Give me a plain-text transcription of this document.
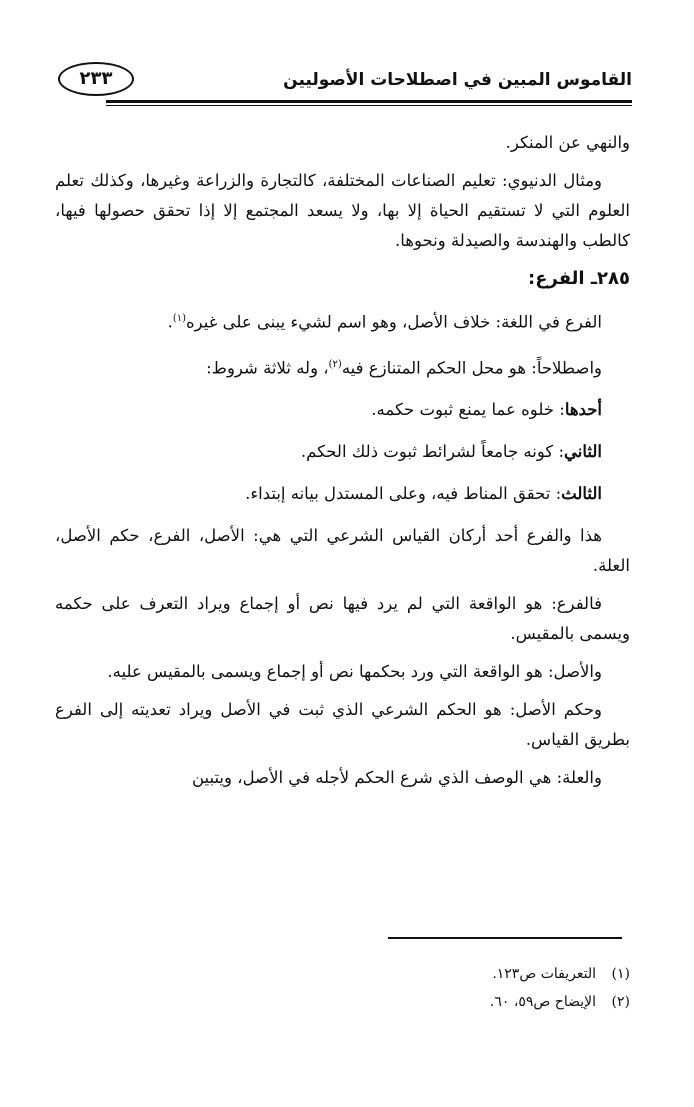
القاموس المبين في اصطلاحات الأصوليين
٢٣٣

والنهي عن المنكر.

ومثال الدنيوي: تعليم الصناعات المختلفة، كالتجارة والزراعة وغيرها، وكذلك تعلم العلوم التي لا تستقيم الحياة إلا بها، ولا يسعد المجتمع إلا إذا تحقق حصولها فيها، كالطب والهندسة والصيدلة ونحوها.

٢٨٥ـ الفرع:

الفرع في اللغة: خلاف الأصل، وهو اسم لشيء يبنى على غيره$^{(١)}$.

واصطلاحاً: هو محل الحكم المتنازع فيه$^{(٢)}$، وله ثلاثة شروط:

أحدها: خلوه عما يمنع ثبوت حكمه.

الثاني: كونه جامعاً لشرائط ثبوت ذلك الحكم.

الثالث: تحقق المناط فيه، وعلى المستدل بيانه إبتداء.

هذا والفرع أحد أركان القياس الشرعي التي هي: الأصل، الفرع، حكم الأصل، العلة.

فالفرع: هو الواقعة التي لم يرد فيها نص أو إجماع ويراد التعرف على حكمه ويسمى بالمقيس.

والأصل: هو الواقعة التي ورد بحكمها نص أو إجماع ويسمى بالمقيس عليه.

وحكم الأصل: هو الحكم الشرعي الذي ثبت في الأصل ويراد تعديته إلى الفرع بطريق القياس.

والعلة: هي الوصف الذي شرع الحكم لأجله في الأصل، ويتبين

(١)التعريفات ص١٢٣.
(٢)الإيضاح ص٥٩، ٦٠.
